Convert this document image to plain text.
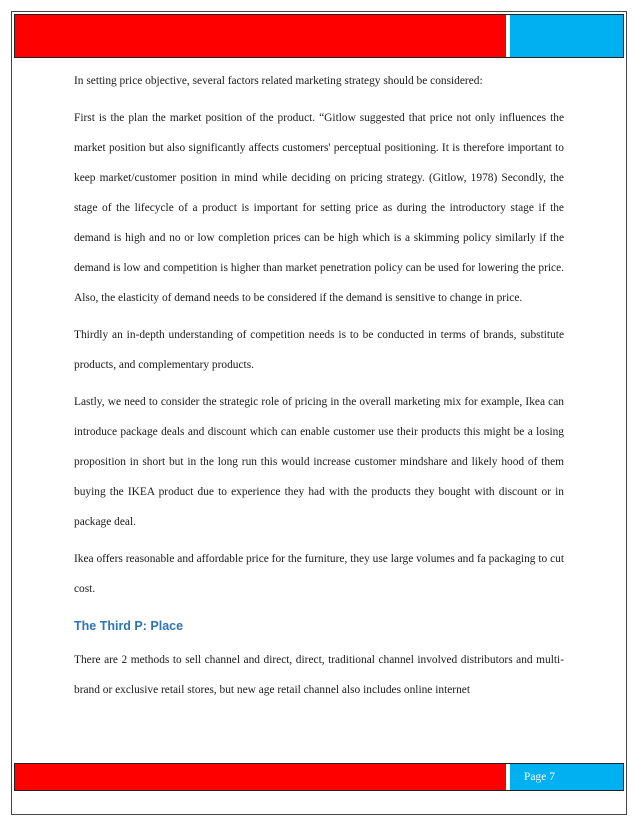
In setting price objective, several factors related marketing strategy should be considered:

First is the plan the market position of the product. “Gitlow suggested that price not only influences the market position but also significantly affects customers' perceptual positioning. It is therefore important to keep market/customer position in mind while deciding on pricing strategy. (Gitlow, 1978) Secondly, the stage of the lifecycle of a product is important for setting price as during the introductory stage if the demand is high and no or low completion prices can be high which is a skimming policy similarly if the demand is low and competition is higher than market penetration policy can be used for lowering the price. Also, the elasticity of demand needs to be considered if the demand is sensitive to change in price.

Thirdly an in-depth understanding of competition needs is to be conducted in terms of brands, substitute products, and complementary products.

Lastly, we need to consider the strategic role of pricing in the overall marketing mix for example, Ikea can introduce package deals and discount which can enable customer use their products this might be a losing proposition in short but in the long run this would increase customer mindshare and likely hood of them buying the IKEA product due to experience they had with the products they bought with discount or in package deal.

Ikea offers reasonable and affordable price for the furniture, they use large volumes and fa packaging to cut cost.

The Third P: Place

There are 2 methods to sell channel and direct, direct, traditional channel involved distributors and multi-brand or exclusive retail stores, but new age retail channel also includes online internet

Page 7
